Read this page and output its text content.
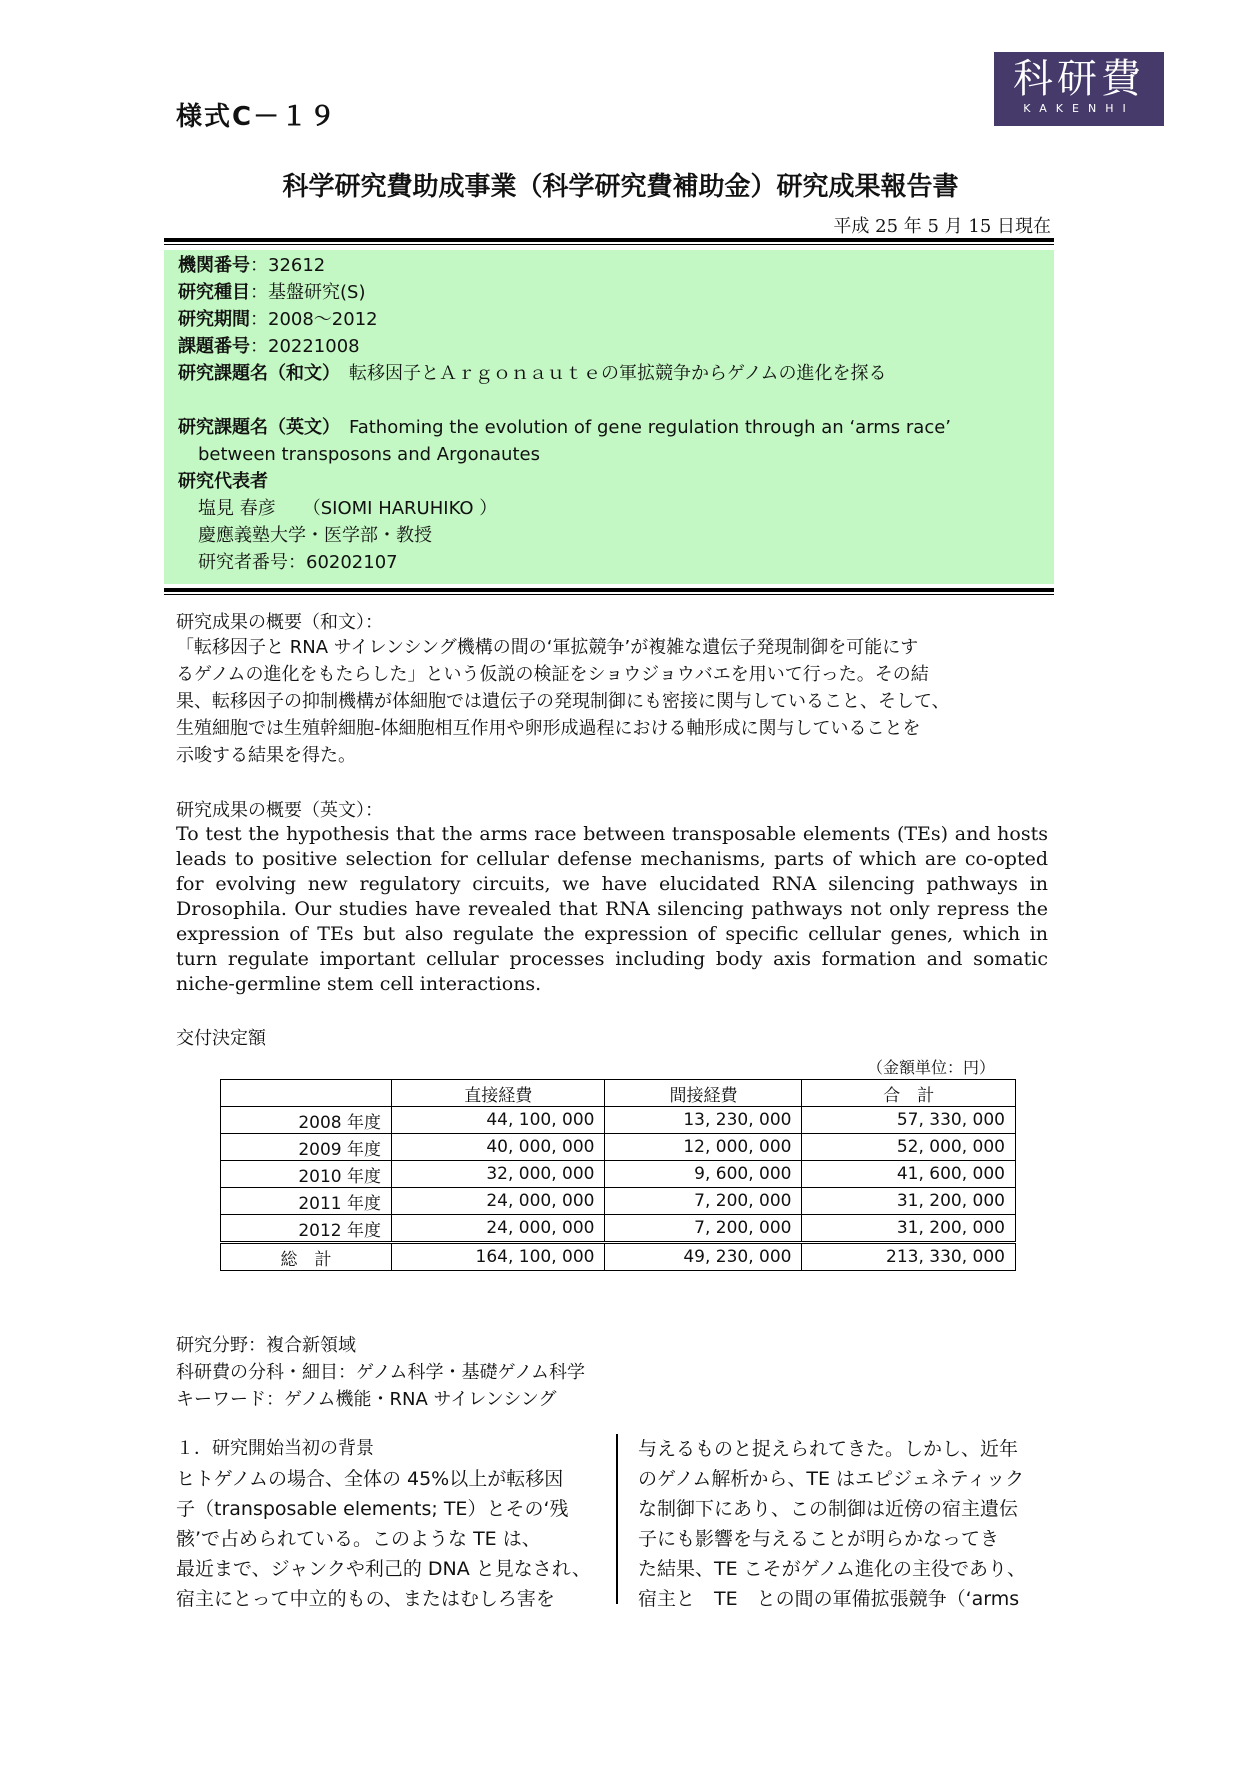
様式C－１９
科研費
KAKENHI
科学研究費助成事業（科学研究費補助金）研究成果報告書
平成 25 年 5 月 15 日現在
機関番号：32612
研究種目：基盤研究(S)
研究期間：2008～2012
課題番号：20221008
研究課題名（和文）　 転移因子とＡｒｇｏｎａｕｔｅの軍拡競争からゲノムの進化を探る
研究課題名（英文）　 Fathoming the evolution of gene regulation through an ‘arms race’
between transposons and Argonautes
研究代表者
塩見 春彦　　 （SIOMI HARUHIKO ）
慶應義塾大学・医学部・教授
研究者番号：60202107
研究成果の概要（和文）：
「転移因子と RNA サイレンシング機構の間の‘軍拡競争’が複雑な遺伝子発現制御を可能にす
るゲノムの進化をもたらした」という仮説の検証をショウジョウバエを用いて行った。その結
果、転移因子の抑制機構が体細胞では遺伝子の発現制御にも密接に関与していること、そして、
生殖細胞では生殖幹細胞-体細胞相互作用や卵形成過程における軸形成に関与していることを
示唆する結果を得た。
研究成果の概要（英文）：
To test the hypothesis that the arms race between transposable elements (TEs) and hosts leads to positive selection for cellular defense mechanisms, parts of which are co-opted for evolving new regulatory circuits, we have elucidated RNA silencing pathways in Drosophila. Our studies have revealed that RNA silencing pathways not only repress the expression of TEs but also regulate the expression of specific cellular genes, which in turn regulate important cellular processes including body axis formation and somatic niche-germline stem cell interactions.
交付決定額
（金額単位：円）
	直接経費	間接経費	合　計
2008 年度	44, 100, 000	13, 230, 000	57, 330, 000
2009 年度	40, 000, 000	12, 000, 000	52, 000, 000
2010 年度	32, 000, 000	9, 600, 000	41, 600, 000
2011 年度	24, 000, 000	7, 200, 000	31, 200, 000
2012 年度	24, 000, 000	7, 200, 000	31, 200, 000
総　計	164, 100, 000	49, 230, 000	213, 330, 000
研究分野：複合新領域
科研費の分科・細目：ゲノム科学・基礎ゲノム科学
キーワード：ゲノム機能・RNA サイレンシング
１．研究開始当初の背景
ヒトゲノムの場合、全体の 45%以上が転移因
子（transposable elements; TE）とその‘残
骸’で占められている。このような TE は、
最近まで、ジャンクや利己的 DNA と見なされ、
宿主にとって中立的もの、またはむしろ害を
与えるものと捉えられてきた。しかし、近年
のゲノム解析から、TE はエピジェネティック
な制御下にあり、この制御は近傍の宿主遺伝
子にも影響を与えることが明らかなってき
た結果、TE こそがゲノム進化の主役であり、
宿主と　TE　との間の軍備拡張競争（‘arms
